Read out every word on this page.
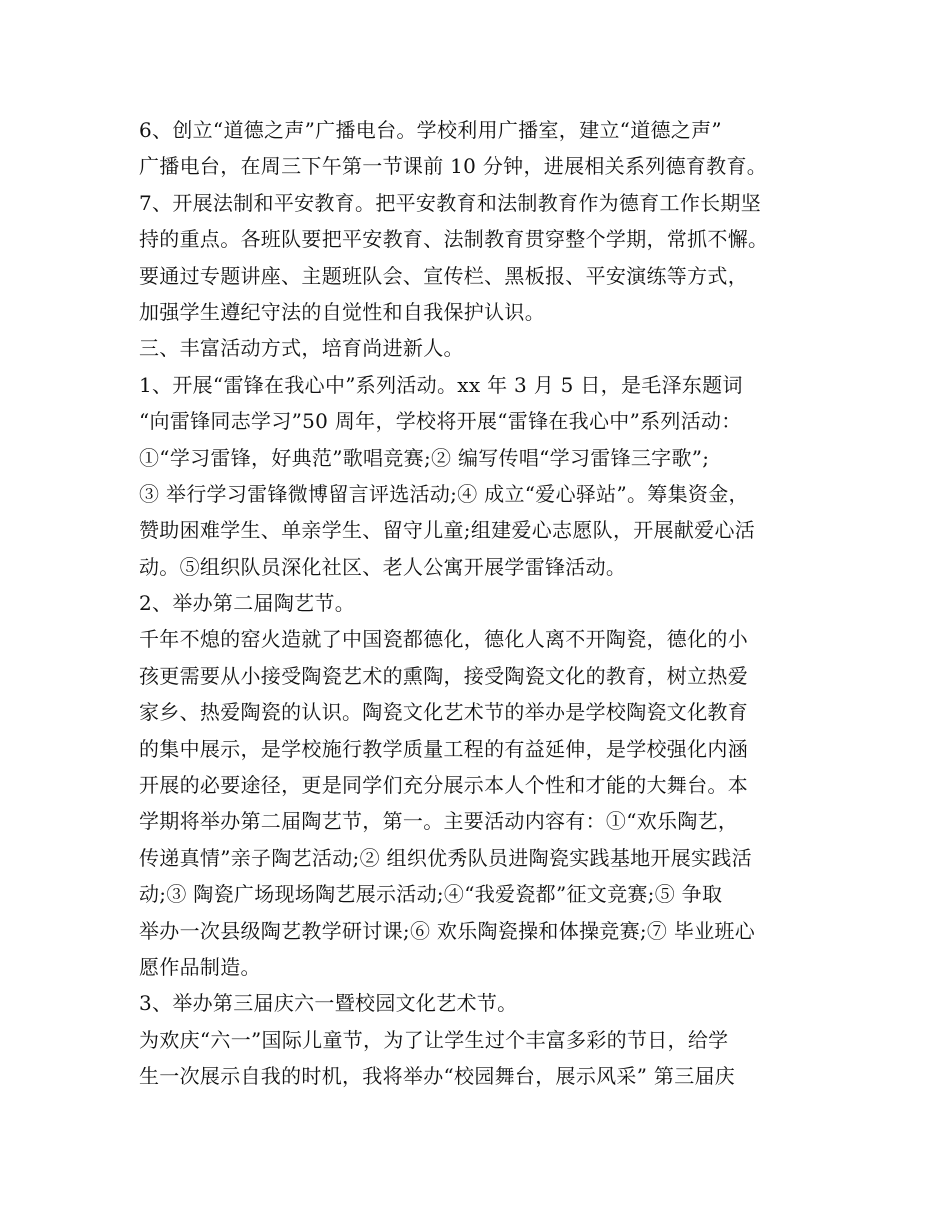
6、创立“道德之声”广播电台。学校利用广播室，建立“道德之声”
广播电台，在周三下午第一节课前 10 分钟，进展相关系列德育教育。
7、开展法制和平安教育。把平安教育和法制教育作为德育工作长期坚
持的重点。各班队要把平安教育、法制教育贯穿整个学期，常抓不懈。
要通过专题讲座、主题班队会、宣传栏、黑板报、平安演练等方式，
加强学生遵纪守法的自觉性和自我保护认识。
三、丰富活动方式，培育尚进新人。
1、开展“雷锋在我心中”系列活动。xx 年 3 月 5 日，是毛泽东题词
“向雷锋同志学习”50 周年，学校将开展“雷锋在我心中”系列活动：
①“学习雷锋，好典范”歌唱竞赛;② 编写传唱“学习雷锋三字歌”;
③ 举行学习雷锋微博留言评选活动;④ 成立“爱心驿站”。筹集资金，
赞助困难学生、单亲学生、留守儿童;组建爱心志愿队，开展献爱心活
动。⑤组织队员深化社区、老人公寓开展学雷锋活动。
2、举办第二届陶艺节。
千年不熄的窑火造就了中国瓷都德化，德化人离不开陶瓷，德化的小
孩更需要从小接受陶瓷艺术的熏陶，接受陶瓷文化的教育，树立热爱
家乡、热爱陶瓷的认识。陶瓷文化艺术节的举办是学校陶瓷文化教育
的集中展示，是学校施行教学质量工程的有益延伸，是学校强化内涵
开展的必要途径，更是同学们充分展示本人个性和才能的大舞台。本
学期将举办第二届陶艺节，第一。主要活动内容有：①“欢乐陶艺，
传递真情”亲子陶艺活动;② 组织优秀队员进陶瓷实践基地开展实践活
动;③ 陶瓷广场现场陶艺展示活动;④“我爱瓷都”征文竞赛;⑤ 争取
举办一次县级陶艺教学研讨课;⑥ 欢乐陶瓷操和体操竞赛;⑦ 毕业班心
愿作品制造。
3、举办第三届庆六一暨校园文化艺术节。
为欢庆“六一”国际儿童节，为了让学生过个丰富多彩的节日，给学
生一次展示自我的时机，我将举办“校园舞台，展示风采” 第三届庆
